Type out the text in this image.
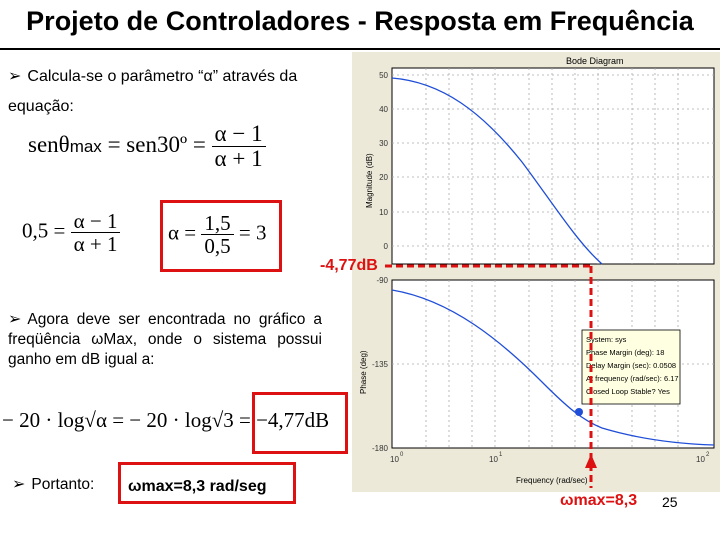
Projeto de Controladores - Resposta em Frequência
➢ Calcula-se o parâmetro “α” através da
equação:
senθmax = sen30º = $\frac{\alpha - 1}{\alpha + 1}$
$0,5 = \frac{\alpha - 1}{\alpha + 1}$ $\alpha = \frac{1,5}{0,5} = 3$
Bode Diagram
50
40
30
20
10
0
-90
-135
-180
10 0	10 1	10 2
Frequency (rad/sec)
Magnitude (dB)
Phase (deg)
System: sys
Phase Margin (deg): 18
Delay Margin (sec): 0.0508
At frequency (rad/sec): 6.17
Closed Loop Stable? Yes
-4,77dB
➢ Agora deve ser encontrada no gráfico a freqüência ωMax, onde o sistema possui ganho em dB igual a:
− 20 · log√α = − 20 · log√3 = −4,77dB
➢ Portanto: ωmax=8,3 rad/seg
ωmax=8,3 25
